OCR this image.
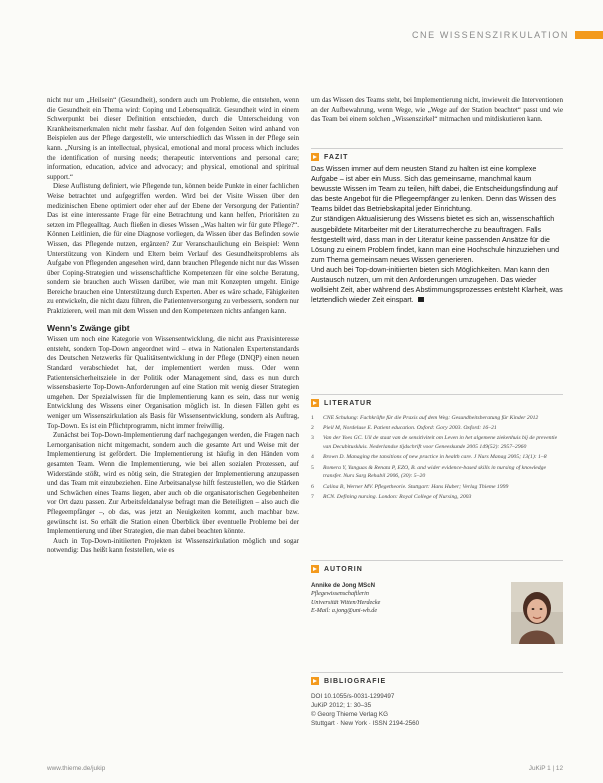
CNE WISSENSZIRKULATION

nicht nur um „Heilsein“ (Gesundheit), sondern auch um Probleme, die entstehen, wenn die Gesundheit ein Thema wird: Coping und Lebensqualität. Gesundheit wird in einem Schwerpunkt bei dieser Definition entschieden, durch die Unterscheidung von Krankheitsmerkmalen nicht mehr fassbar. Auf den folgenden Seiten wird anhand von Beispielen aus der Pflege dargestellt, wie unterschiedlich das Wissen in der Pflege sein kann. „Nursing is an intellectual, physical, emotional and moral process which includes the identification of nursing needs; therapeutic interventions and personal care; information, education, advice and advocacy; and physical, emotional and spiritual support.“

Diese Auflistung definiert, wie Pflegende tun, können beide Punkte in einer fachlichen Weise betrachtet und aufgegriffen werden. Wird bei der Visite Wissen über den medizinischen Ebene optimiert oder eher auf der Ebene der Versorgung der Patientin? Das ist eine interessante Frage für eine Betrachtung und kann helfen, Prioritäten zu setzen im Pflegealltag. Auch fließen in dieses Wissen „Was halten wir für gute Pflege?“. Können Leitlinien, die für eine Diagnose vorliegen, da Wissen über das Befinden sowie Wissen, das Pflegende nutzen, ergänzen? Zur Veranschaulichung ein Beispiel: Wenn Unterstützung von Kindern und Eltern beim Verlauf des Gesundheitsproblems als Aufgabe von Pflegenden angesehen wird, dann brauchen Pflegende nicht nur das Wissen über Coping-Strategien und wissenschaftliche Kompetenzen für eine solche Beratung, sondern sie brauchen auch Wissen darüber, wie man mit Konzepten umgeht. Einige Bereiche brauchen eine Unterstützung durch Experten. Aber es wäre schade, Fähigkeiten zu entwickeln, die nicht dazu führen, die Patientenversorgung zu verbessern, sondern nur Praktizieren, weil man mit dem Wissen und den Kompetenzen nichts anfangen kann.

Wenn’s Zwänge gibt

Wissen um noch eine Kategorie von Wissensentwicklung, die nicht aus Praxisinteresse entsteht, sondern Top-Down angeordnet wird – etwa in Nationalen Expertenstandards des Deutschen Netzwerks für Qualitätsentwicklung in der Pflege (DNQP) einen neuen Standard verabschiedet hat, der implementiert werden muss. Oder wenn Patientensicherheitsziele in der Politik oder Management sind, dass es nun durch wissensbasierte Top-Down-Anforderungen auf eine Station mit wenig dieser Strategien umgehen. Der Spezialwissen für die Implementierung kann es sein, dass nur wenig Entwicklung des Wissens einer Organisation möglich ist. In diesen Fällen geht es weniger um Wissenszirkulation als Basis für Wissensentwicklung, sondern als Auftrag, Top-Down. Es ist ein Pflichtprogramm, nicht immer freiwillig.

Zunächst bei Top-Down-Implementierung darf nachgegangen werden, die Fragen nach Lernorganisation nicht mitgemacht, sondern auch die gesamte Art und Weise mit der Implementierung ist gefördert. Die Implementierung ist häufig in den Händen vom gesamten Team. Wenn die Implementierung, wie bei allen sozialen Prozessen, auf Widerstände stößt, wird es nötig sein, die Strategien der Implementierung anzupassen und das Team mit einzubeziehen. Eine Arbeitsanalyse hilft festzustellen, wo die Stärken und Schwächen eines Teams liegen, aber auch ob die organisatorischen Gegebenheiten vor Ort dazu passen. Zur Arbeitsfeldanalyse befragt man die Beteiligten – also auch die Pflegeempfänger –, ob das, was jetzt an Neuigkeiten kommt, auch machbar bzw. gewünscht ist. So erhält die Station einen Überblick über eventuelle Probleme bei der Implementierung und über Strategien, die man dabei beachten könnte.

Auch in Top-Down-initiierten Projekten ist Wissenszirkulation möglich und sogar notwendig: Das heißt kann feststellen, wie es

um das Wissen des Teams steht, bei Implementierung nicht, inwieweit die Interventionen an der Aufbewahrung, wenn Wege, wie „Wege auf der Station beachtet“ passt und wie das Team bei einem solchen „Wissenszirkel“ mitmachen und mitdiskutieren kann.

FAZIT

Das Wissen immer auf dem neusten Stand zu halten ist eine komplexe Aufgabe – ist aber ein Muss. Sich das gemeinsame, manchmal kaum bewusste Wissen im Team zu teilen, hilft dabei, die Entscheidungsfindung auf das beste Angebot für die Pflegeempfänger zu lenken. Denn das Wissen des Teams bildet das Betriebskapital jeder Einrichtung.

Zur ständigen Aktualisierung des Wissens bietet es sich an, wissenschaftlich ausgebildete Mitarbeiter mit der Literaturrecherche zu beauftragen. Falls festgestellt wird, dass man in der Literatur keine passenden Ansätze für die Lösung zu einem Problem findet, kann man eine Hochschule hinzuziehen und zum Thema gemeinsam neues Wissen generieren.

Und auch bei Top-down-initiierten bieten sich Möglichkeiten. Man kann den Austausch nutzen, um mit den Anforderungen umzugehen. Das wieder wollsieht Zeit, aber während des Abstimmungsprozesses entsteht Klarheit, was letztendlich wieder Zeit einspart.

LITERATUR
1	CNE Schulung: Fachkräfte für die Praxis auf dem Weg: Gesundheitsberatung für Kinder 2012
2	Pieil M, Nordeluse E. Patient education. Oxford: Gory 2003. Oxford: 16–21
3	Van der Yoes GC. Uil de staat van de sensitiviteit om Leven in het algemene ziekenhuis bij de preventie van Decubituskluis. Nederlandse tijdschrift voor Geneeskunde 2005 149(52): 2957–2960
4	Brown D. Managing the tansitions of new practice in health care. J Nurs Manag 2005; 13(1): 1–8
5	Romera Y, Yanguas & Renata P, EZO, B. and wider evidence-based skills in nursing of knowledge transfer. Nurs Sarg Rehabil 2006, (30): 5–20
6	Calina B, Werner MV. Pflegetheorie. Stuttgart: Hans Huber; Verlag Thieme 1999
7	RCN. Defining nursing. London: Royal College of Nursing, 2003
AUTORIN
Annike de Jong MScN
Pflegewissenschaftlerin
Universität Witten/Herdecke
E-Mail: a.jong@uni-wh.de
BIBLIOGRAFIE
DOI 10.1055/s-0031-1299497
JuKiP 2012; 1: 30–35
© Georg Thieme Verlag KG
Stuttgart · New York · ISSN 2194-2560
www.thieme.de/jukip	JuKiP 1 | 12
